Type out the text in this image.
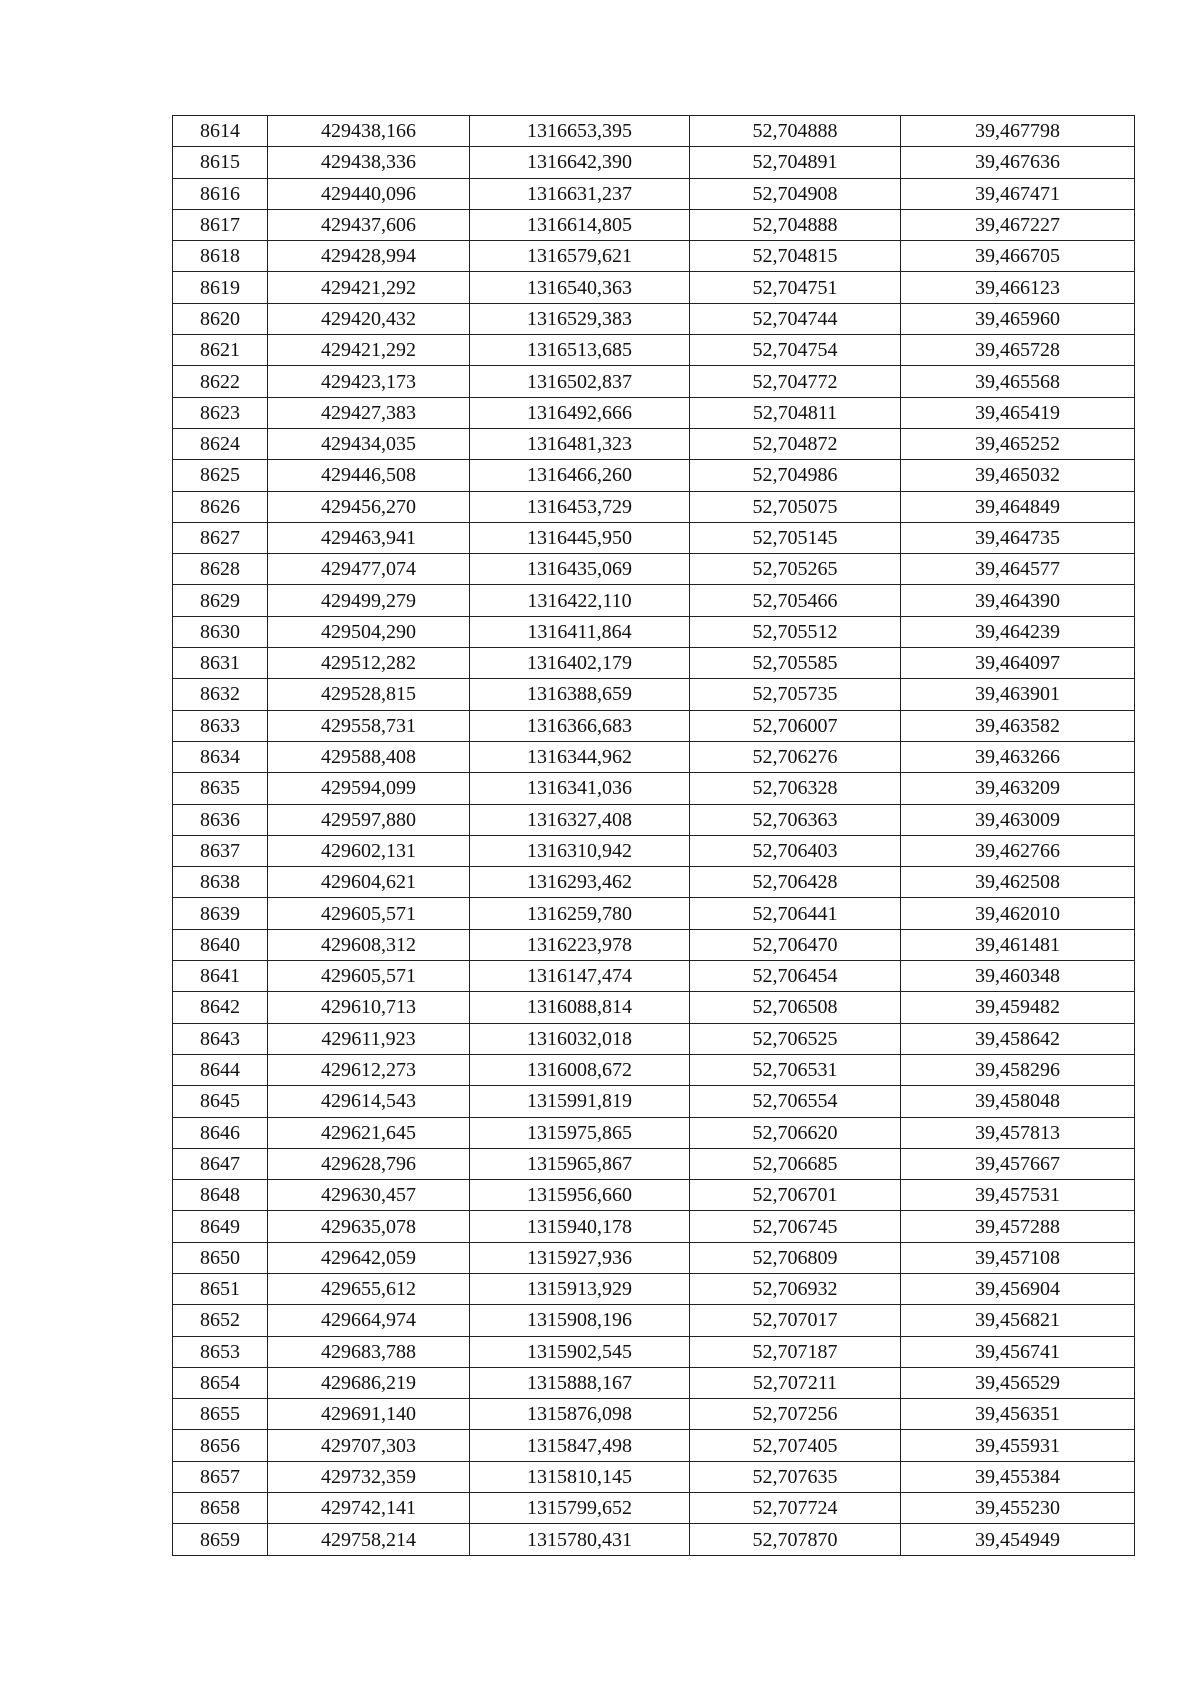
8614	429438,166	1316653,395	52,704888	39,467798
8615	429438,336	1316642,390	52,704891	39,467636
8616	429440,096	1316631,237	52,704908	39,467471
8617	429437,606	1316614,805	52,704888	39,467227
8618	429428,994	1316579,621	52,704815	39,466705
8619	429421,292	1316540,363	52,704751	39,466123
8620	429420,432	1316529,383	52,704744	39,465960
8621	429421,292	1316513,685	52,704754	39,465728
8622	429423,173	1316502,837	52,704772	39,465568
8623	429427,383	1316492,666	52,704811	39,465419
8624	429434,035	1316481,323	52,704872	39,465252
8625	429446,508	1316466,260	52,704986	39,465032
8626	429456,270	1316453,729	52,705075	39,464849
8627	429463,941	1316445,950	52,705145	39,464735
8628	429477,074	1316435,069	52,705265	39,464577
8629	429499,279	1316422,110	52,705466	39,464390
8630	429504,290	1316411,864	52,705512	39,464239
8631	429512,282	1316402,179	52,705585	39,464097
8632	429528,815	1316388,659	52,705735	39,463901
8633	429558,731	1316366,683	52,706007	39,463582
8634	429588,408	1316344,962	52,706276	39,463266
8635	429594,099	1316341,036	52,706328	39,463209
8636	429597,880	1316327,408	52,706363	39,463009
8637	429602,131	1316310,942	52,706403	39,462766
8638	429604,621	1316293,462	52,706428	39,462508
8639	429605,571	1316259,780	52,706441	39,462010
8640	429608,312	1316223,978	52,706470	39,461481
8641	429605,571	1316147,474	52,706454	39,460348
8642	429610,713	1316088,814	52,706508	39,459482
8643	429611,923	1316032,018	52,706525	39,458642
8644	429612,273	1316008,672	52,706531	39,458296
8645	429614,543	1315991,819	52,706554	39,458048
8646	429621,645	1315975,865	52,706620	39,457813
8647	429628,796	1315965,867	52,706685	39,457667
8648	429630,457	1315956,660	52,706701	39,457531
8649	429635,078	1315940,178	52,706745	39,457288
8650	429642,059	1315927,936	52,706809	39,457108
8651	429655,612	1315913,929	52,706932	39,456904
8652	429664,974	1315908,196	52,707017	39,456821
8653	429683,788	1315902,545	52,707187	39,456741
8654	429686,219	1315888,167	52,707211	39,456529
8655	429691,140	1315876,098	52,707256	39,456351
8656	429707,303	1315847,498	52,707405	39,455931
8657	429732,359	1315810,145	52,707635	39,455384
8658	429742,141	1315799,652	52,707724	39,455230
8659	429758,214	1315780,431	52,707870	39,454949
